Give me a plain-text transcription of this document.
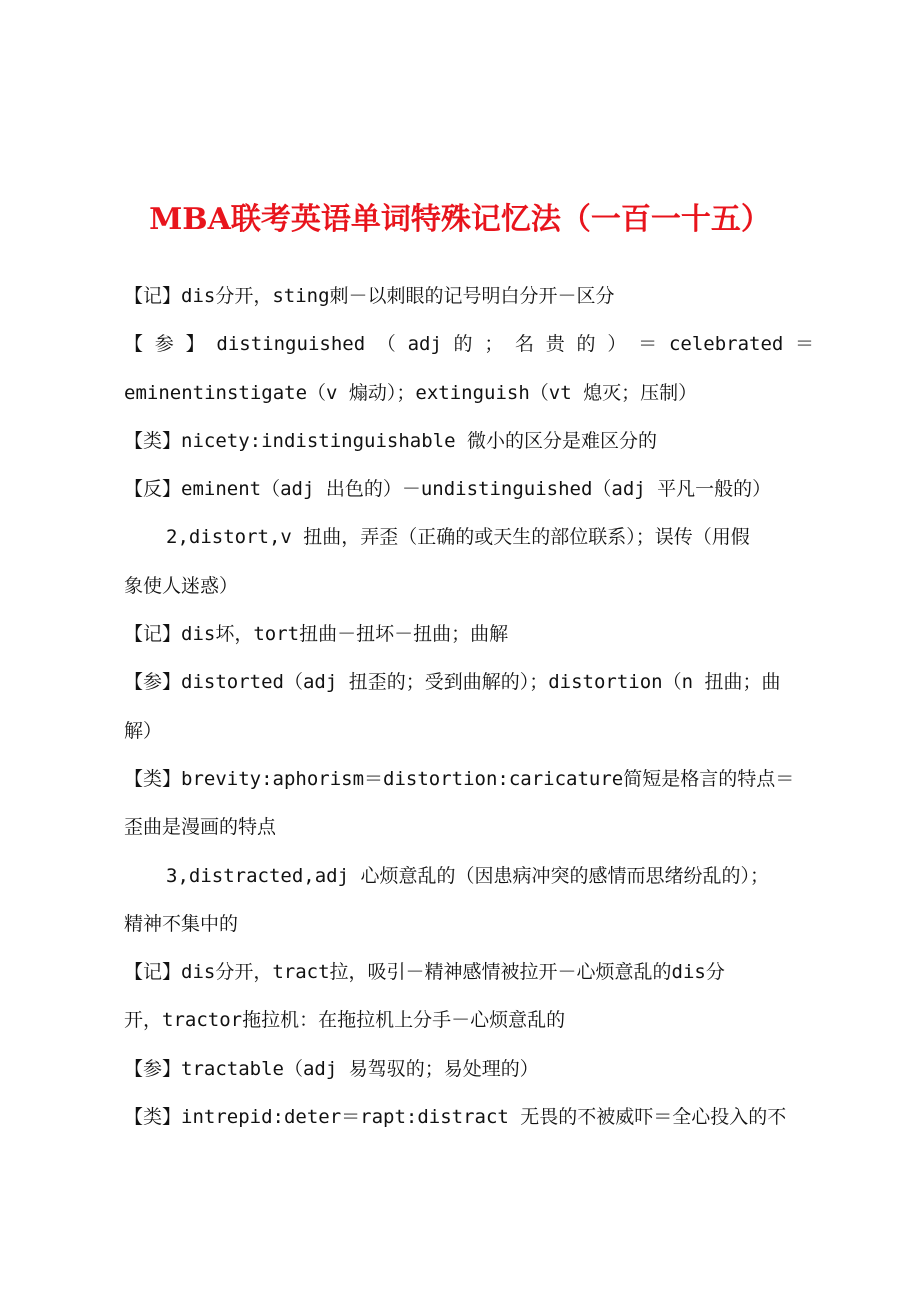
MBA联考英语单词特殊记忆法（一百一十五）
【记】dis分开，sting刺－以刺眼的记号明白分开－区分
【 参 】 distinguished （ adj 的 ； 名 贵 的 ） ＝ celebrated ＝
eminentinstigate（v 煽动）；extinguish（vt 熄灭；压制）
【类】nicety:indistinguishable 微小的区分是难区分的
【反】eminent（adj 出色的）－undistinguished（adj 平凡一般的）
2,distort,v 扭曲，弄歪（正确的或天生的部位联系）；误传（用假
象使人迷惑）
【记】dis坏，tort扭曲－扭坏－扭曲；曲解
【参】distorted（adj 扭歪的；受到曲解的）；distortion（n 扭曲；曲
解）
【类】brevity:aphorism＝distortion:caricature简短是格言的特点＝
歪曲是漫画的特点
3,distracted,adj 心烦意乱的（因患病冲突的感情而思绪纷乱的）；
精神不集中的
【记】dis分开，tract拉，吸引－精神感情被拉开－心烦意乱的dis分
开，tractor拖拉机：在拖拉机上分手－心烦意乱的
【参】tractable（adj 易驾驭的；易处理的）
【类】intrepid:deter＝rapt:distract 无畏的不被威吓＝全心投入的不
